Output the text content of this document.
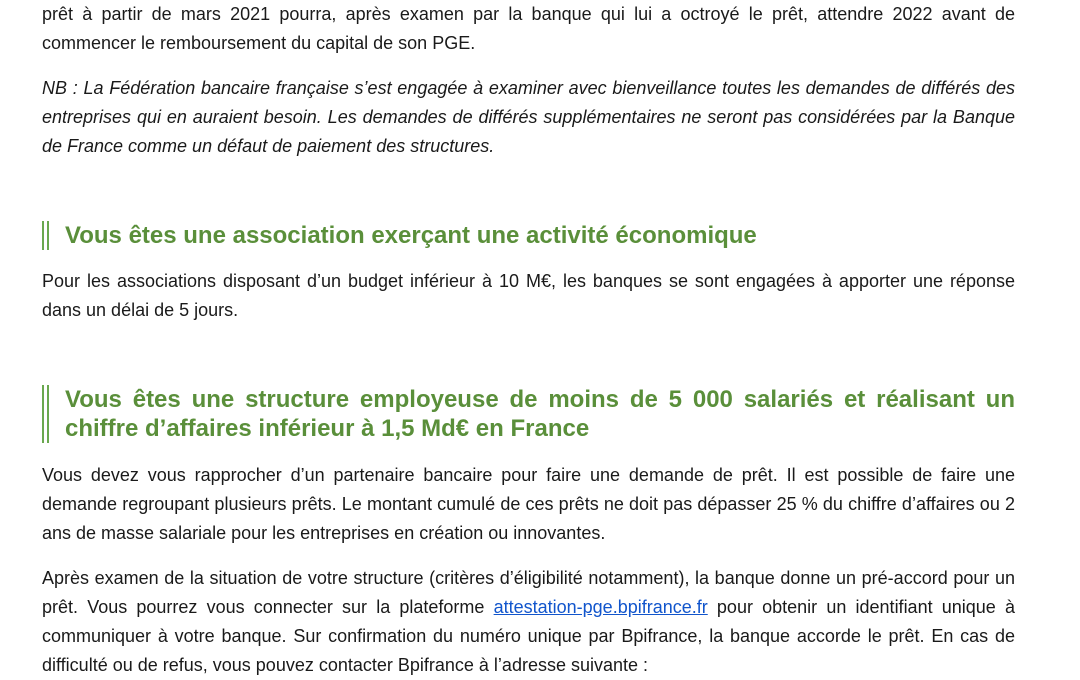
prêt à partir de mars 2021 pourra, après examen par la banque qui lui a octroyé le prêt, attendre 2022 avant de
commencer le remboursement du capital de son PGE.

NB : La Fédération bancaire française s’est engagée à examiner avec bienveillance toutes les demandes de différés des entreprises qui en auraient besoin. Les demandes de différés supplémentaires ne seront pas considérées par la Banque de France comme un défaut de paiement des structures.

Vous êtes une association exerçant une activité économique

Pour les associations disposant d’un budget inférieur à 10 M€, les banques se sont engagées à apporter une réponse dans un délai de 5 jours.

Vous êtes une structure employeuse de moins de 5 000 salariés et réalisant un chiffre d’affaires inférieur à 1,5 Md€ en France

Vous devez vous rapprocher d’un partenaire bancaire pour faire une demande de prêt. Il est possible de faire une demande regroupant plusieurs prêts. Le montant cumulé de ces prêts ne doit pas dépasser 25 % du chiffre d’affaires ou 2 ans de masse salariale pour les entreprises en création ou innovantes.

Après examen de la situation de votre structure (critères d’éligibilité notamment), la banque donne un pré-accord pour un prêt. Vous pourrez vous connecter sur la plateforme attestation-pge.bpifrance.fr pour obtenir un identifiant unique à communiquer à votre banque. Sur confirmation du numéro unique par Bpifrance, la banque accorde le prêt. En cas de difficulté ou de refus, vous pouvez contacter Bpifrance à l’adresse suivante :
